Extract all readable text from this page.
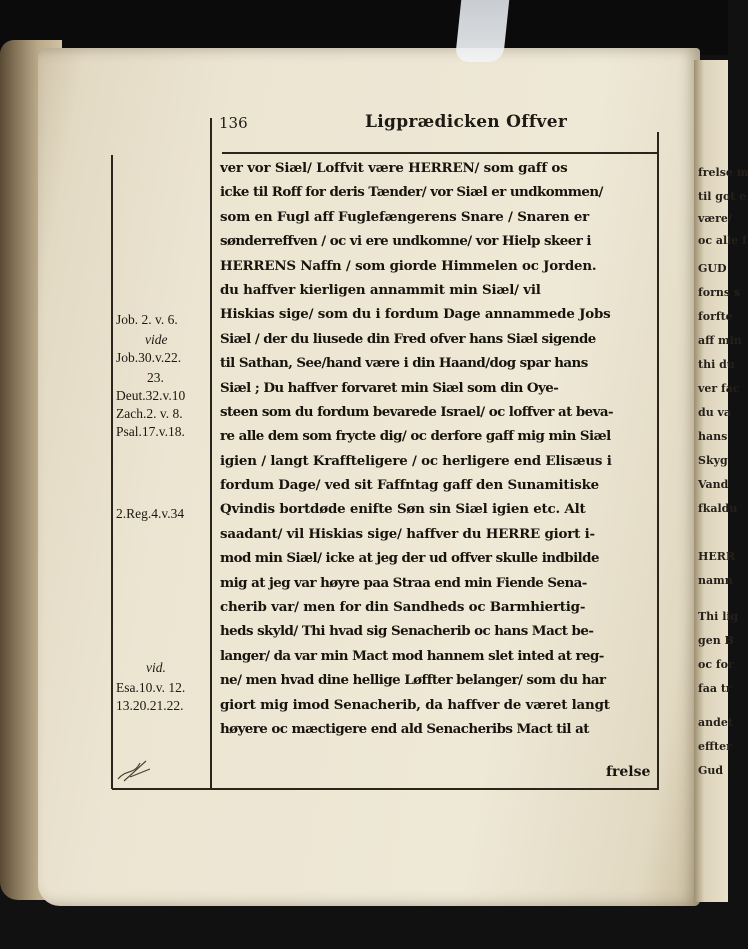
136	Ligprædicken Offver
Job. 2. v. 6.
vide
Job.30.v.22.
23.
Deut.32.v.10
Zach.2. v. 8.
Psal.17.v.18.
2.Reg.4.v.34
vid.
Esa.10.v. 12.
13.20.21.22.
ver vor Siæl/ Loffvit være HERREN/ som gaff os
icke til Roff for deris Tænder/ vor Siæl er undkommen/
som en Fugl aff Fuglefængerens Snare / Snaren er
sønderreffven / oc vi ere undkomne/ vor Hielp skeer i
HERRENS Naffn / som giorde Himmelen oc Jorden.
du haffver kierligen annammit min Siæl/ vil
Hiskias sige/ som du i fordum Dage annammede Jobs
Siæl / der du liusede din Fred ofver hans Siæl sigende
til Sathan, See/hand være i din Haand/dog spar hans
Siæl ; Du haffver forvaret min Siæl som din Oye-
steen som du fordum bevarede Israel/ oc loffver at beva-
re alle dem som frycte dig/ oc derfore gaff mig min Siæl
igien / langt Kraffteligere / oc herligere end Elisæus i
fordum Dage/ ved sit Faffntag gaff den Sunamitiske
Qvindis bortdøde enifte Søn sin Siæl igien etc. Alt
saadant/ vil Hiskias sige/ haffver du HERRE giort i-
mod min Siæl/ icke at jeg der ud offver skulle indbilde
mig at jeg var høyre paa Straa end min Fiende Sena-
cherib var/ men for din Sandheds oc Barmhiertig-
heds skyld/ Thi hvad sig Senacherib oc hans Mact be-
langer/ da var min Mact mod hannem slet inted at reg-
ne/ men hvad dine hellige Løffter belanger/ som du har
giort mig imod Senacherib, da haffver de været langt
høyere oc mæctigere end ald Senacheribs Mact til at
frelse
frelse m
til got e
være/
oc alle f
GUD
forns s
forfte
aff min
thi du
ver fac
du va
hans
Skyg
Vand
fkaldu
HERR
namn
Thi lig
gen B
oc for
faa tr
andet
effter
Gud
